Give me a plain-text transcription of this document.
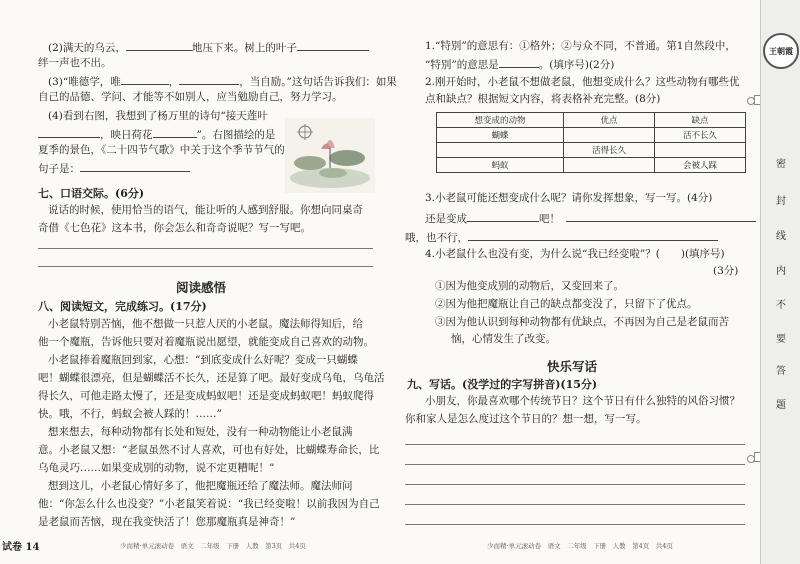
(2)满天的乌云，	地压下来。树上的叶子
绊一声也不出。
(3)“唯德学，唯	，	，当自励。”这句话告诉我们：如果
自己的品德、学问、才能等不如别人，应当勉励自己，努力学习。
(4)看到右图，我想到了杨万里的诗句“接天莲叶
，映日荷花	”。右图描绘的是
夏季的景色，《二十四节气歌》中关于这个季节节气的
句子是：
七、口语交际。(6分)
说话的时候，使用恰当的语气，能让听的人感到舒服。你想向同桌奇
奇借《七色花》这本书，你会怎么和奇奇说呢？写一写吧。
阅读感悟
八、阅读短文，完成练习。(17分)
小老鼠特别苦恼，他不想做一只惹人厌的小老鼠。魔法师得知后，给
他一个魔瓶，告诉他只要对着魔瓶说出愿望，就能变成自己喜欢的动物。
小老鼠捧着魔瓶回到家，心想：“到底变成什么好呢？变成一只蝴蝶
吧！蝴蝶很漂亮，但是蝴蝶活不长久，还是算了吧。最好变成乌龟，乌龟活
得长久，可他走路太慢了，还是变成蚂蚁吧！还是变成蚂蚁吧！蚂蚁爬得
快。哦，不行，蚂蚁会被人踩的！……”
想来想去，每种动物都有长处和短处，没有一种动物能让小老鼠满
意。小老鼠又想：“老鼠虽然不讨人喜欢，可也有好处，比蝴蝶寿命长，比
乌龟灵巧……如果变成别的动物，说不定更糟呢！”
想到这儿，小老鼠心情好多了，他把魔瓶还给了魔法师。魔法师问
他：“你怎么什么也没变？”小老鼠笑着说：“我已经变啦！以前我因为自己
是老鼠而苦恼，现在我变快活了！您那魔瓶真是神奇！”
试卷 14	少而精·单元滚动卷　语文　二年级　下册　人教　第3页　共4页
1.“特别”的意思有：①格外；②与众不同，不普通。第1自然段中，
“特别”的意思是	。(填序号)(2分)
2.刚开始时，小老鼠不想做老鼠，他想变成什么？这些动物有哪些优
点和缺点？根据短文内容，将表格补充完整。(8分)
想变成的动物	优点	缺点
蝴蝶		活不长久
	活得长久	
蚂蚁		会被人踩
3.小老鼠可能还想变成什么呢？请你发挥想象，写一写。(4分)
还是变成	吧！
哦，也不行，
4.小老鼠什么也没有变，为什么说“我已经变啦”？(　　)(填序号)
(3分)
①因为他变成别的动物后，又变回来了。
②因为他把魔瓶让自己的缺点都变没了，只留下了优点。
③因为他认识到每种动物都有优缺点，不再因为自己是老鼠而苦
恼，心情发生了改变。
快乐写话
九、写话。(没学过的字写拼音)(15分)
小朋友，你最喜欢哪个传统节日？这个节日有什么独特的风俗习惯？
你和家人是怎么度过这个节日的？想一想，写一写。
少而精·单元滚动卷　语文　二年级　下册　人教　第4页　共4页
密
封
线
内
不
要
答
题
王朝霞
